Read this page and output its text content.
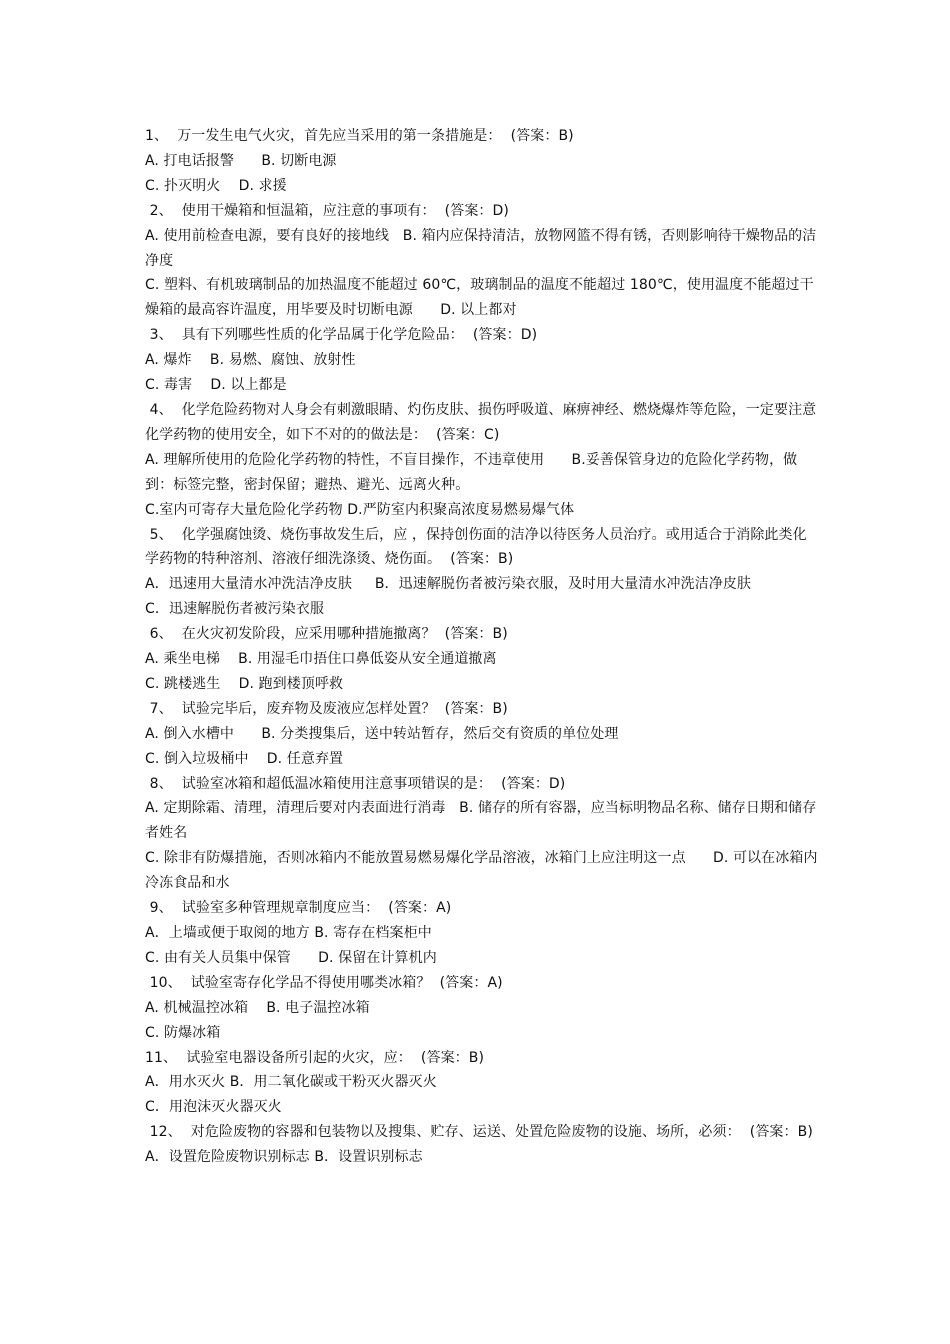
1、  万一发生电气火灾，首先应当采用的第一条措施是：  (答案：B)

A. 打电话报警      B. 切断电源

C. 扑灭明火    D. 求援

2、  使用干燥箱和恒温箱，应注意的事项有：  (答案：D)

A. 使用前检查电源，要有良好的接地线   B. 箱内应保持清洁，放物网篮不得有锈，否则影响待干燥物品的洁净度

C. 塑料、有机玻璃制品的加热温度不能超过 60℃，玻璃制品的温度不能超过 180℃，使用温度不能超过干燥箱的最高容许温度，用毕要及时切断电源      D. 以上都对

3、  具有下列哪些性质的化学品属于化学危险品：  (答案：D)

A. 爆炸    B. 易燃、腐蚀、放射性

C. 毒害    D. 以上都是

4、  化学危险药物对人身会有刺激眼睛、灼伤皮肤、损伤呼吸道、麻痹神经、燃烧爆炸等危险，一定要注意化学药物的使用安全，如下不对的的做法是：  (答案：C)

A. 理解所使用的危险化学药物的特性，不盲目操作，不违章使用      B.妥善保管身边的危险化学药物，做到：标签完整，密封保留；避热、避光、远离火种。

C.室内可寄存大量危险化学药物 D.严防室内积聚高浓度易燃易爆气体

5、  化学强腐蚀烫、烧伤事故发生后，应 ，保持创伤面的洁净以待医务人员治疗。或用适合于消除此类化学药物的特种溶剂、溶液仔细洗涤烫、烧伤面。  (答案：B)

A．迅速用大量清水冲洗洁净皮肤     B．迅速解脱伤者被污染衣服，及时用大量清水冲洗洁净皮肤

C．迅速解脱伤者被污染衣服

6、  在火灾初发阶段，应采用哪种措施撤离？  (答案：B)

A. 乘坐电梯    B. 用湿毛巾捂住口鼻低姿从安全通道撤离

C. 跳楼逃生    D. 跑到楼顶呼救

7、  试验完毕后，废弃物及废液应怎样处置？  (答案：B)

A. 倒入水槽中      B. 分类搜集后，送中转站暂存，然后交有资质的单位处理

C. 倒入垃圾桶中    D. 任意弃置

8、  试验室冰箱和超低温冰箱使用注意事项错误的是：  (答案：D)

A. 定期除霜、清理，清理后要对内表面进行消毒   B. 储存的所有容器，应当标明物品名称、储存日期和储存者姓名

C. 除非有防爆措施，否则冰箱内不能放置易燃易爆化学品溶液，冰箱门上应注明这一点      D. 可以在冰箱内冷冻食品和水

9、  试验室多种管理规章制度应当：  (答案：A)

A．上墙或便于取阅的地方 B. 寄存在档案柜中

C. 由有关人员集中保管      D. 保留在计算机内

10、  试验室寄存化学品不得使用哪类冰箱？  (答案：A)

A. 机械温控冰箱    B. 电子温控冰箱

C. 防爆冰箱

11、  试验室电器设备所引起的火灾，应：  (答案：B)

A．用水灭火 B．用二氧化碳或干粉灭火器灭火

C．用泡沫灭火器灭火

12、  对危险废物的容器和包装物以及搜集、贮存、运送、处置危险废物的设施、场所，必须：  (答案：B)

A．设置危险废物识别标志 B．设置识别标志
